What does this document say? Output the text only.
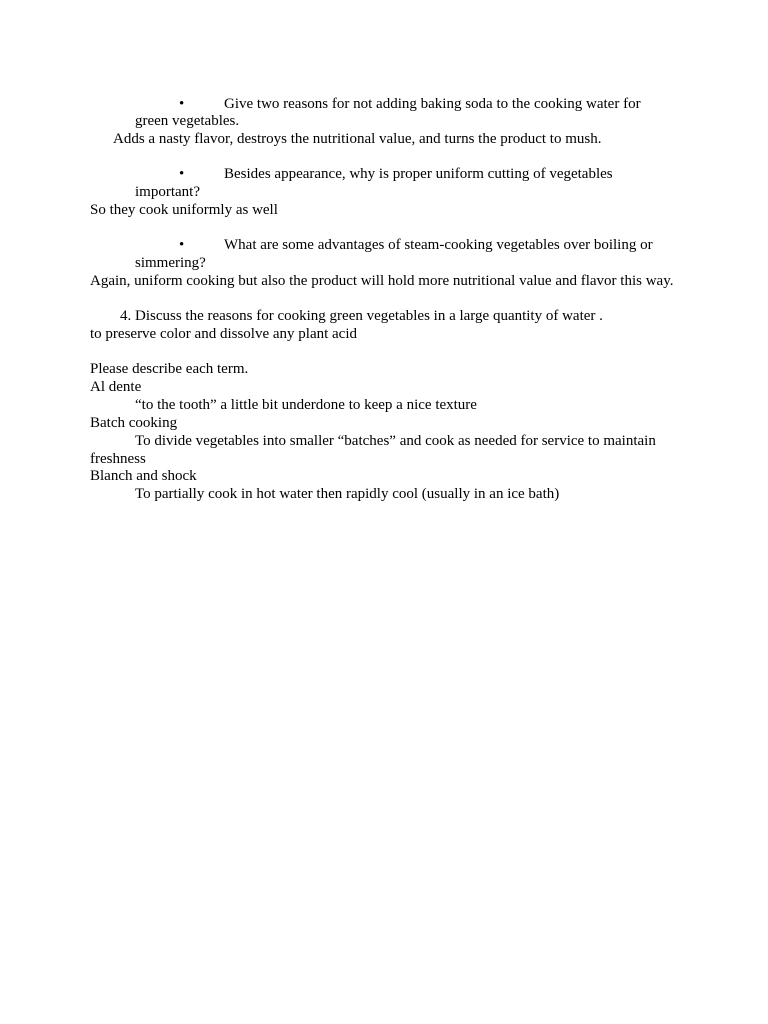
•	Give two reasons for not adding baking soda to the cooking water for
green vegetables.
Adds a nasty flavor, destroys the nutritional value, and turns the product to mush.
•	Besides appearance, why is proper uniform cutting of vegetables
important?
So they cook uniformly as well
•	What are some advantages of steam-cooking vegetables over boiling or
simmering?
Again, uniform cooking but also the product will hold more nutritional value and flavor this way.
4. Discuss the reasons for cooking green vegetables in a large quantity of water .
to preserve color and dissolve any plant acid
Please describe each term.
Al dente
“to the tooth” a little bit underdone to keep a nice texture
Batch cooking
To divide vegetables into smaller “batches” and cook as needed for service to maintain
freshness
Blanch and shock
To partially cook in hot water then rapidly cool (usually in an ice bath)
